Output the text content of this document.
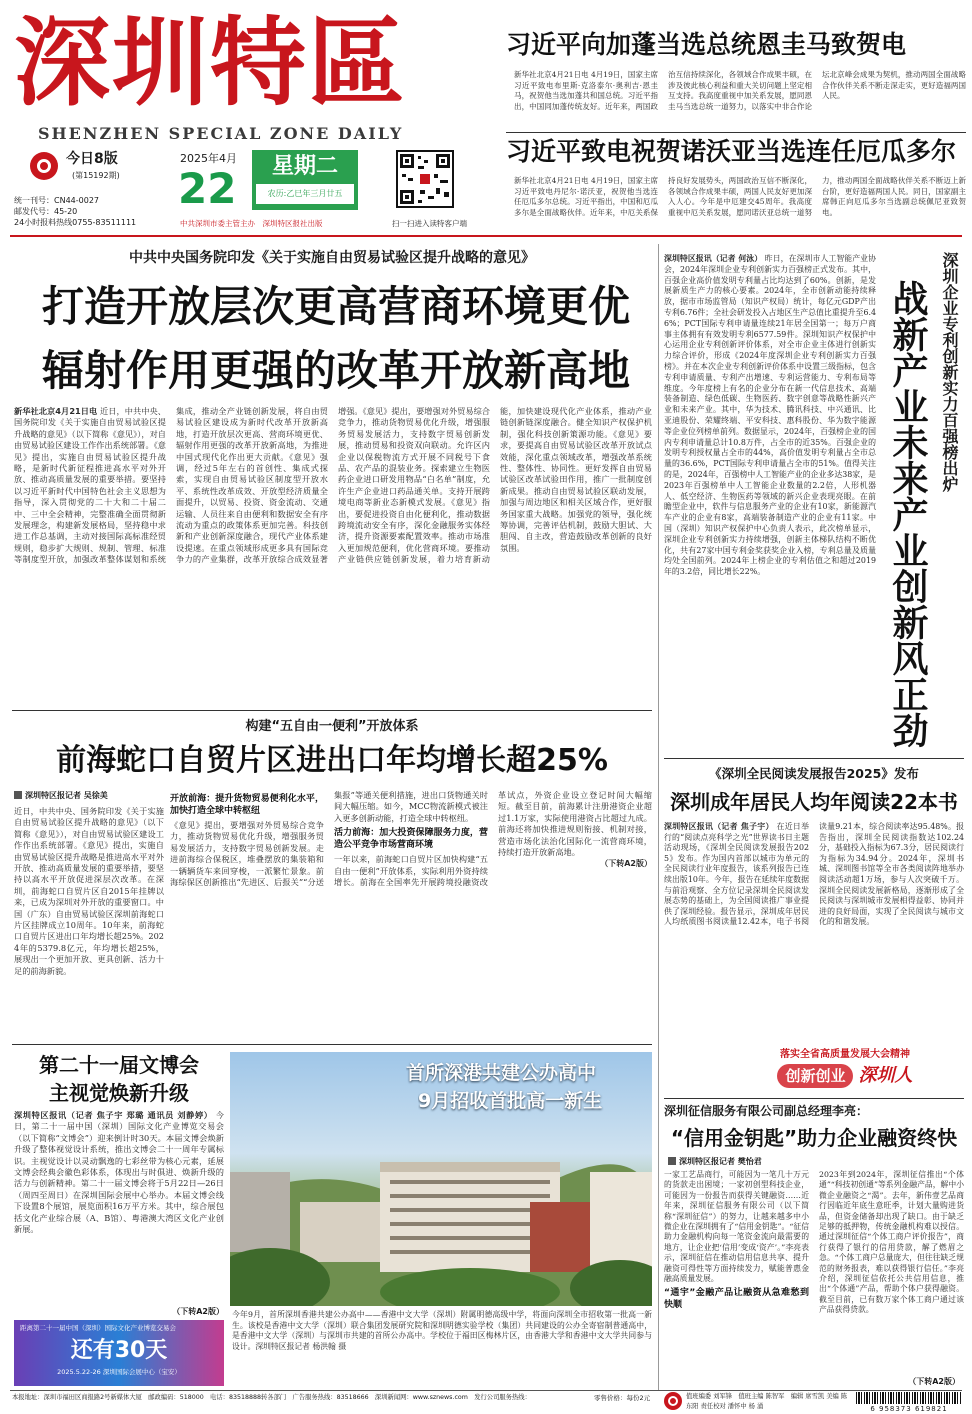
深圳特區
SHENZHEN SPECIAL ZONE DAILY
今日8版
(第15192期)
统一刊号：CN44-0027
邮发代号：45-20
24小时报料热线0755-83511111
2025年4月
22	星期二
农历:乙巳年三月廿五
中共深圳市委主管主办　深圳特区报社出版	扫一扫进入读特客户端
习近平向加蓬当选总统恩圭马致贺电
新华社北京4月21日电 4月19日，国家主席习近平致电布里斯·克洛泰尔·奥利吉·恩圭马，祝贺他当选加蓬共和国总统。习近平指出，中国同加蓬传统友好。近年来，两国政治互信持续深化，各领域合作成果丰硕，在涉及彼此核心利益和重大关切问题上坚定相互支持。我高度重视中加关系发展，愿同恩圭马当选总统一道努力，以落实中非合作论坛北京峰会成果为契机，推动两国全面战略合作伙伴关系不断走深走实，更好造福两国人民。
习近平致电祝贺诺沃亚当选连任厄瓜多尔
新华社北京4月21日电 4月19日，国家主席习近平致电丹尼尔·诺沃亚，祝贺他当选连任厄瓜多尔总统。习近平指出，中国和厄瓜多尔是全面战略伙伴。近年来，中厄关系保持良好发展势头，两国政治互信不断深化，各领域合作成果丰硕，两国人民友好更加深入人心。今年是中厄建交45周年。我高度重视中厄关系发展，愿同诺沃亚总统一道努力，推动两国全面战略伙伴关系不断迈上新台阶，更好造福两国人民。同日，国家副主席韩正向厄瓜多尔当选副总统佩尼亚致贺电。
中共中央国务院印发《关于实施自由贸易试验区提升战略的意见》
打造开放层次更高营商环境更优
辐射作用更强的改革开放新高地
新华社北京4月21日电 近日，中共中央、国务院印发《关于实施自由贸易试验区提升战略的意见》（以下简称《意见》），对自由贸易试验区建设工作作出系统部署。《意见》提出，实施自由贸易试验区提升战略，是新时代新征程推进高水平对外开放、推动高质量发展的重要举措。要坚持以习近平新时代中国特色社会主义思想为指导，深入贯彻党的二十大和二十届二中、三中全会精神，完整准确全面贯彻新发展理念，构建新发展格局，坚持稳中求进工作总基调，主动对接国际高标准经贸规则，稳步扩大规则、规制、管理、标准等制度型开放，加强改革整体谋划和系统集成，推动全产业链创新发展，将自由贸易试验区建设成为新时代改革开放新高地，打造开放层次更高、营商环境更优、辐射作用更强的改革开放新高地，为推进中国式现代化作出更大贡献。《意见》强调，经过5年左右的首创性、集成式探索，实现自由贸易试验区制度型开放水平、系统性改革成效、开放型经济质量全面提升，以贸易、投资、资金流动、交通运输、人员往来自由便利和数据安全有序流动为重点的政策体系更加完善。科技创新和产业创新深度融合，现代产业体系建设提速。在重点领域形成更多具有国际竞争力的产业集群，改革开放综合成效显著增强。《意见》提出，要增强对外贸易综合竞争力，推动货物贸易优化升级，增强服务贸易发展活力，支持数字贸易创新发展，推动贸易和投资双向联动。允许区内企业以保税物流方式开展不同税号下食品、农产品的混装业务。探索建立生物医药企业进口研发用物品“白名单”制度，允许生产企业进口药品通关单。支持开展跨境电商等新业态新模式发展。《意见》指出，要促进投资自由化便利化，推动数据跨境流动安全有序，深化金融服务实体经济，提升资源要素配置效率。推动市场准入更加规范便利，优化营商环境。要推动产业链供应链创新发展，着力培育新动能，加快建设现代化产业体系，推动产业链创新链深度融合。健全知识产权保护机制，强化科技创新策源功能。《意见》要求，要提高自由贸易试验区改革开放试点效能，深化重点领域改革，增强改革系统性、整体性、协同性。更好发挥自由贸易试验区改革试验田作用，推广一批制度创新成果。推动自由贸易试验区联动发展，加强与周边地区和相关区域合作，更好服务国家重大战略。加强党的领导，强化统筹协调，完善评估机制，鼓励大胆试、大胆闯、自主改，营造鼓励改革创新的良好氛围。
构建“五自由一便利”开放体系
前海蛇口自贸片区进出口年均增长超25%
深圳特区报记者 吴徐美
近日，中共中央、国务院印发《关于实施自由贸易试验区提升战略的意见》（以下简称《意见》），对自由贸易试验区建设工作作出系统部署。《意见》提出，实施自由贸易试验区提升战略是推进高水平对外开放、推动高质量发展的重要举措，要坚持以高水平开放促进深层次改革。在深圳，前海蛇口自贸片区自2015年挂牌以来，已成为深圳对外开放的重要窗口。中国（广东）自由贸易试验区深圳前海蛇口片区挂牌成立10周年。10年来，前海蛇口自贸片区进出口年均增长超25%。2024年的5379.8亿元，年均增长超25%，展现出一个更加开放、更具创新、活力十足的前海新貌。
开放前海：提升货物贸易便利化水平，加快打造全球中转枢纽
《意见》提出，要增强对外贸易综合竞争力，推动货物贸易优化升级，增强服务贸易发展活力，支持数字贸易创新发展。走进前海综合保税区，堆叠摆放的集装箱和一辆辆货车来回穿梭，一派繁忙景象。前海综保区创新推出“先进区、后报关”“分送集报”等通关便利措施，进出口货物通关时间大幅压缩。如今，MCC物流新模式被注入更多创新动能，打造全球中转枢纽。
活力前海：加大投资保障服务力度，营造公平竞争市场营商环境
一年以来，前海蛇口自贸片区加快构建“五自由一便利”开放体系，实际利用外资持续增长。前海在全国率先开展跨境投融资改革试点，外资企业设立登记时间大幅缩短。截至目前，前海累计注册港资企业超过1.1万家，实际使用港资占比超过九成。前海还将加快推进规则衔接、机制对接，营造市场化法治化国际化一流营商环境，持续打造开放新高地。
（下转A2版）
第二十一届文博会
主视觉焕新升级
深圳特区报讯（记者 焦子宇 郑璐 通讯员 刘静婷） 今日，第二十一届中国（深圳）国际文化产业博览交易会（以下简称“文博会”）迎来倒计时30天。本届文博会焕新升级了整体视觉设计系统，推出文博会二十一周年专属标识。主视觉设计以灵动飘逸的七彩丝带为核心元素，延展文博会经典会徽色彩体系，体现出与时俱进、焕新升级的活力与创新精神。第二十一届文博会将于5月22日—26日（周四至周日）在深圳国际会展中心举办。本届文博会线下设置8个展馆，展览面积16万平方米。其中，综合展包括文化产业综合展（A、B馆）、粤港澳大湾区文化产业创新展。
（下转A2版）
距离第二十一届中国（深圳）国际文化产业博览交易会
还有30天
2025.5.22-26 深圳国际会展中心（宝安）
首所深港共建公办高中
9月招收首批高一新生
今年9月，首所深圳香港共建公办高中——香港中文大学（深圳）附属明德高级中学，将面向深圳全市招收第一批高一新生。该校是香港中文大学（深圳）联合集团发展研究院和深圳明德实验学校（集团）共同建设的公办全寄宿制普通高中，是香港中文大学（深圳）与深圳市共建的首所公办高中。学校位于福田区梅林片区，由香港大学和香港中文大学共同参与设计。深圳特区报记者 杨洪翰 摄
深圳企业专利创新实力百强榜出炉
战新产业未来产业创新风正劲
深圳特区报讯（记者 何泳） 昨日，在深圳市人工智能产业协会，2024年深圳企业专利创新实力百强榜正式发布。其中，百强企业高价值发明专利量占比均达到了60%。创新，是发展新质生产力的核心要素。2024年，全市创新动能持续释放，据市市场监管局（知识产权局）统计，每亿元GDP产出专利6.76件；全社会研发投入占地区生产总值比重提升至6.46%；PCT国际专利申请量连续21年居全国第一；每万户商事主体拥有有效发明专利6577.59件。深圳知识产权保护中心运用企业专利创新评价体系，对全市企业主体进行创新实力综合评价，形成《2024年度深圳企业专利创新实力百强榜》。并在本次企业专利创新评价体系中设置三级指标，包含专利申请质量、专利产出增速、专利运营能力、专利布局等维度。今年度榜上有名的企业分布在新一代信息技术、高端装备制造、绿色低碳、生物医药、数字创意等战略性新兴产业和未来产业。其中，华为技术、腾讯科技、中兴通讯、比亚迪股份、荣耀终端、平安科技、惠科股份、华为数字能源等企业位列榜单前列。数据显示，2024年，百强榜企业的国内专利申请量总计10.8万件，占全市的近35%。百强企业的发明专利授权量占全市的44%，高价值发明专利量占全市总量的36.6%，PCT国际专利申请量占全市的51%。值得关注的是，2024年，百强榜中人工智能产业的企业多达38家，是2023年百强榜单中人工智能企业数量的2.2倍，人形机器人、低空经济、生物医药等领域的新兴企业表现亮眼。在前瞻型企业中，软件与信息服务产业的企业有10家，新能源汽车产业的企业有8家，高端装备制造产业的企业有11家。中国（深圳）知识产权保护中心负责人表示，此次榜单显示，深圳企业专利创新实力持续增强，创新主体梯队结构不断优化，共有27家中国专利金奖获奖企业入榜，专利总量及质量均处全国前列。2024年上榜企业的专利估值之和超过2019年的3.2倍，同比增长22%。
《深圳全民阅读发展报告2025》发布
深圳成年居民人均年阅读22本书
深圳特区报讯（记者 焦子宇） 在近日举行的“阅读点亮科学之光”世界读书日主题活动现场，《深圳全民阅读发展报告2025》发布。作为国内首部以城市为单元的全民阅读行业年度报告，该系列报告已连续出版10年。今年，报告在延续年度数据与前沿观察、全方位记录深圳全民阅读发展态势的基础上，为全国阅读推广事业提供了深圳经验。报告显示，深圳成年居民人均纸质图书阅读量12.42本，电子书阅读量9.21本，综合阅读率达95.48%。报告指出，深圳全民阅读指数达102.24分，基础投入指标为67.3分，居民阅读行为指标为34.94分。2024年，深圳书城、深圳图书馆等全市各类阅读阵地举办阅读活动超1万场，参与人次突破千万。深圳全民阅读发展新格局，逐渐形成了全民阅读与深圳城市发展相得益彰、协同并进的良好局面，实现了全民阅读与城市文化的和谐发展。
落实全省高质量发展大会精神
创新创业 深圳人
深圳征信服务有限公司副总经理李亮：
“信用金钥匙”助力企业融资终快
深圳特区报记者 樊怡君
一家工艺品商行，可能因为一笔几十万元的货款走出困境；一家初创型科技企业，可能因为一份报告而获得关键融资……近年来，深圳征信服务有限公司（以下简称“深圳征信”）的努力，让越来越多中小微企业在深圳拥有了“信用金钥匙”。“征信助力金融机构向每一笔资金流向最需要的地方，让企业把‘信用’变成‘资产’。”李亮表示，深圳征信在推动信用信息共享、提升融资可得性等方面持续发力，赋能普惠金融高质量发展。
“通宇”金融产品让融资从急难愁到快顺
2023年到2024年，深圳征信推出“个体通”“科技初创通”等系列金融产品，解中小微企业融资之“渴”。去年，新伟壹艺品商行因临近年底生意旺季，计划大量购进货品，但资金储备却出现了缺口。由于缺乏足够的抵押物，传统金融机构难以授信。通过深圳征信“个体工商户评价报告”，商行获得了银行的信用贷款，解了燃眉之急。“个体工商户总量庞大，但往往缺乏规范的财务报表，难以获得银行信任。”李亮介绍，深圳征信依托公共信用信息，推出“个体通”产品，帮助个体户获得融资。截至目前，已有数万家个体工商户通过该产品获得贷款。
（下转A2版）
本报地址：深圳市福田区商报路2号新媒体大厦　邮政编码：518000　电话：83518888转各部门　广告服务热线：83518666　深圳新闻网：www.sznews.com　发行公司服务热线：	零售价格：每份2元	值班编委 刘军锋　值班主编 陈智军　编辑 席雪凯 美编 陈东阳 责任校对 潘怀中 杨 涌	6 958373 619821
